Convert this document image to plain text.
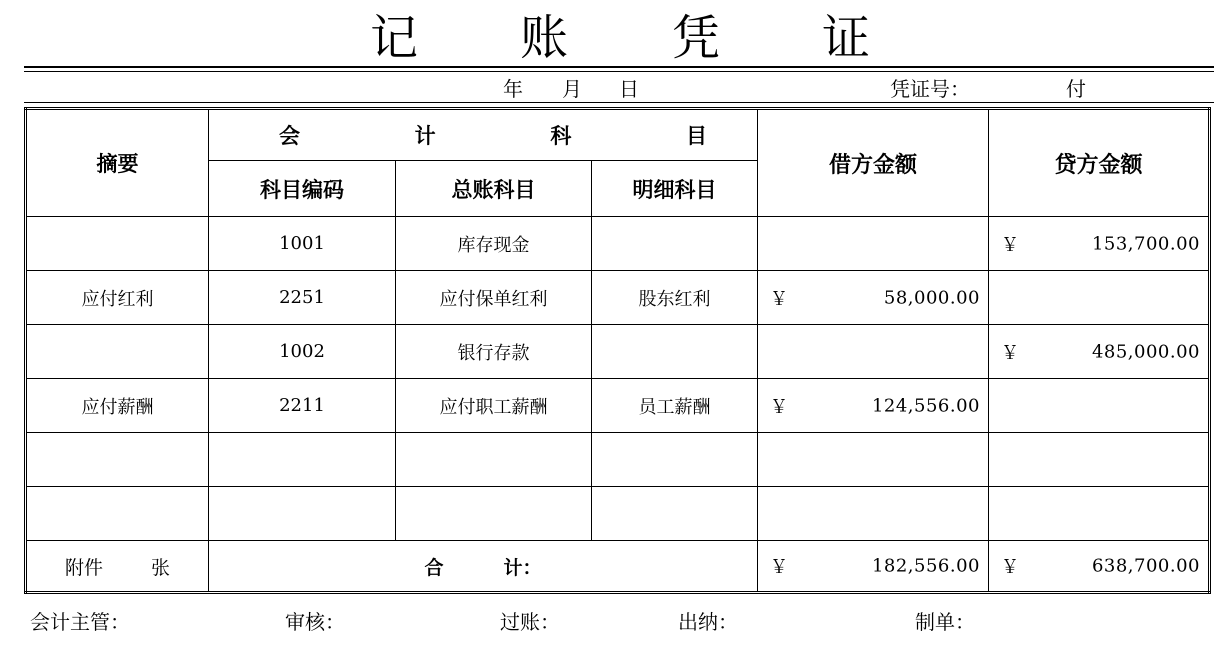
记 账 凭 证
年 月 日	凭证号：	付
摘要	会 计 科 目			借方金额	贷方金额
	科目编码	总账科目	明细科目		
	1001	库存现金			￥ 153,700.00

应付红利	2251	应付保单红利	股东红利	￥ 58,000.00	

	1002	银行存款			￥ 485,000.00

应付薪酬	2211	应付职工薪酬	员工薪酬	￥ 124,556.00	

附件 张	合 计：			￥ 182,556.00	￥ 638,700.00
会计主管：	审核：	过账：	出纳：	制单：
